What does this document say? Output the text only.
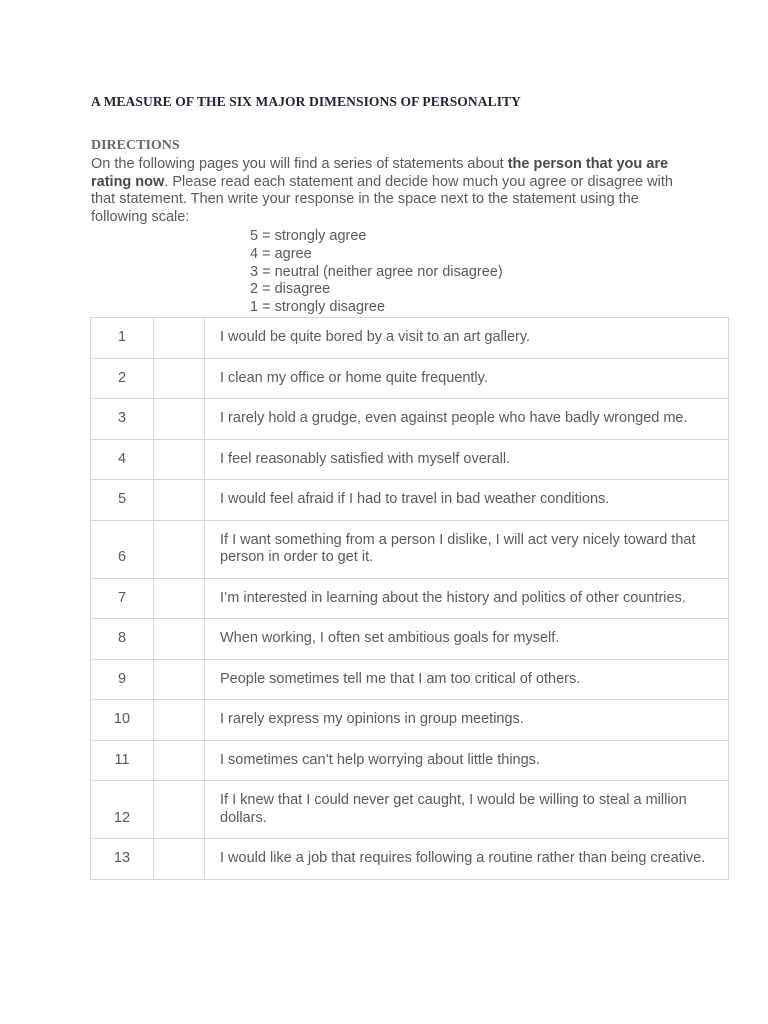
A MEASURE OF THE SIX MAJOR DIMENSIONS OF PERSONALITY
DIRECTIONS
On the following pages you will find a series of statements about the person that you are rating now. Please read each statement and decide how much you agree or disagree with that statement. Then write your response in the space next to the statement using the following scale:
5 = strongly agree
4 = agree
3 = neutral (neither agree nor disagree)
2 = disagree
1 = strongly disagree
1		I would be quite bored by a visit to an art gallery.
2		I clean my office or home quite frequently.
3		I rarely hold a grudge, even against people who have badly wronged me.
4		I feel reasonably satisfied with myself overall.
5		I would feel afraid if I had to travel in bad weather conditions.
6		If I want something from a person I dislike, I will act very nicely toward that person in order to get it.
7		I’m interested in learning about the history and politics of other countries.
8		When working, I often set ambitious goals for myself.
9		People sometimes tell me that I am too critical of others.
10		I rarely express my opinions in group meetings.
11		I sometimes can’t help worrying about little things.
12		If I knew that I could never get caught, I would be willing to steal a million dollars.
13		I would like a job that requires following a routine rather than being creative.
